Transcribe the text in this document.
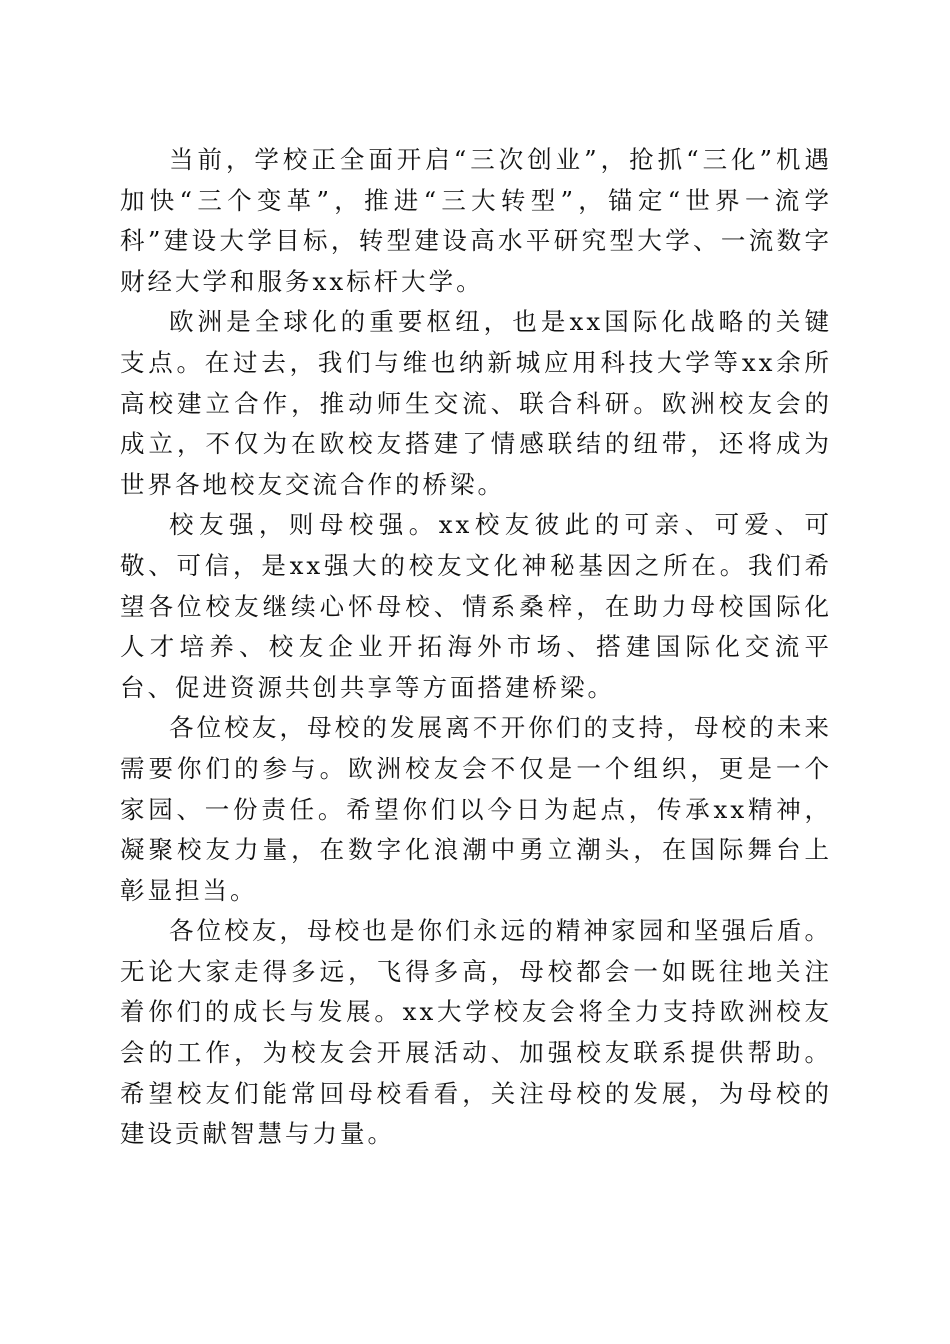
当前，学校正全面开启“三次创业”，抢抓“三化”机遇加快“三个变革”，推进“三大转型”，锚定“世界一流学科”建设大学目标，转型建设高水平研究型大学、一流数字财经大学和服务xx标杆大学。

欧洲是全球化的重要枢纽，也是xx国际化战略的关键支点。在过去，我们与维也纳新城应用科技大学等xx余所高校建立合作，推动师生交流、联合科研。欧洲校友会的成立，不仅为在欧校友搭建了情感联结的纽带，还将成为世界各地校友交流合作的桥梁。

校友强，则母校强。xx校友彼此的可亲、可爱、可敬、可信，是xx强大的校友文化神秘基因之所在。我们希望各位校友继续心怀母校、情系桑梓，在助力母校国际化人才培养、校友企业开拓海外市场、搭建国际化交流平台、促进资源共创共享等方面搭建桥梁。

各位校友，母校的发展离不开你们的支持，母校的未来需要你们的参与。欧洲校友会不仅是一个组织，更是一个家园、一份责任。希望你们以今日为起点，传承xx精神，凝聚校友力量，在数字化浪潮中勇立潮头，在国际舞台上彰显担当。

各位校友，母校也是你们永远的精神家园和坚强后盾。无论大家走得多远，飞得多高，母校都会一如既往地关注着你们的成长与发展。xx大学校友会将全力支持欧洲校友会的工作，为校友会开展活动、加强校友联系提供帮助。希望校友们能常回母校看看，关注母校的发展，为母校的建设贡献智慧与力量。
